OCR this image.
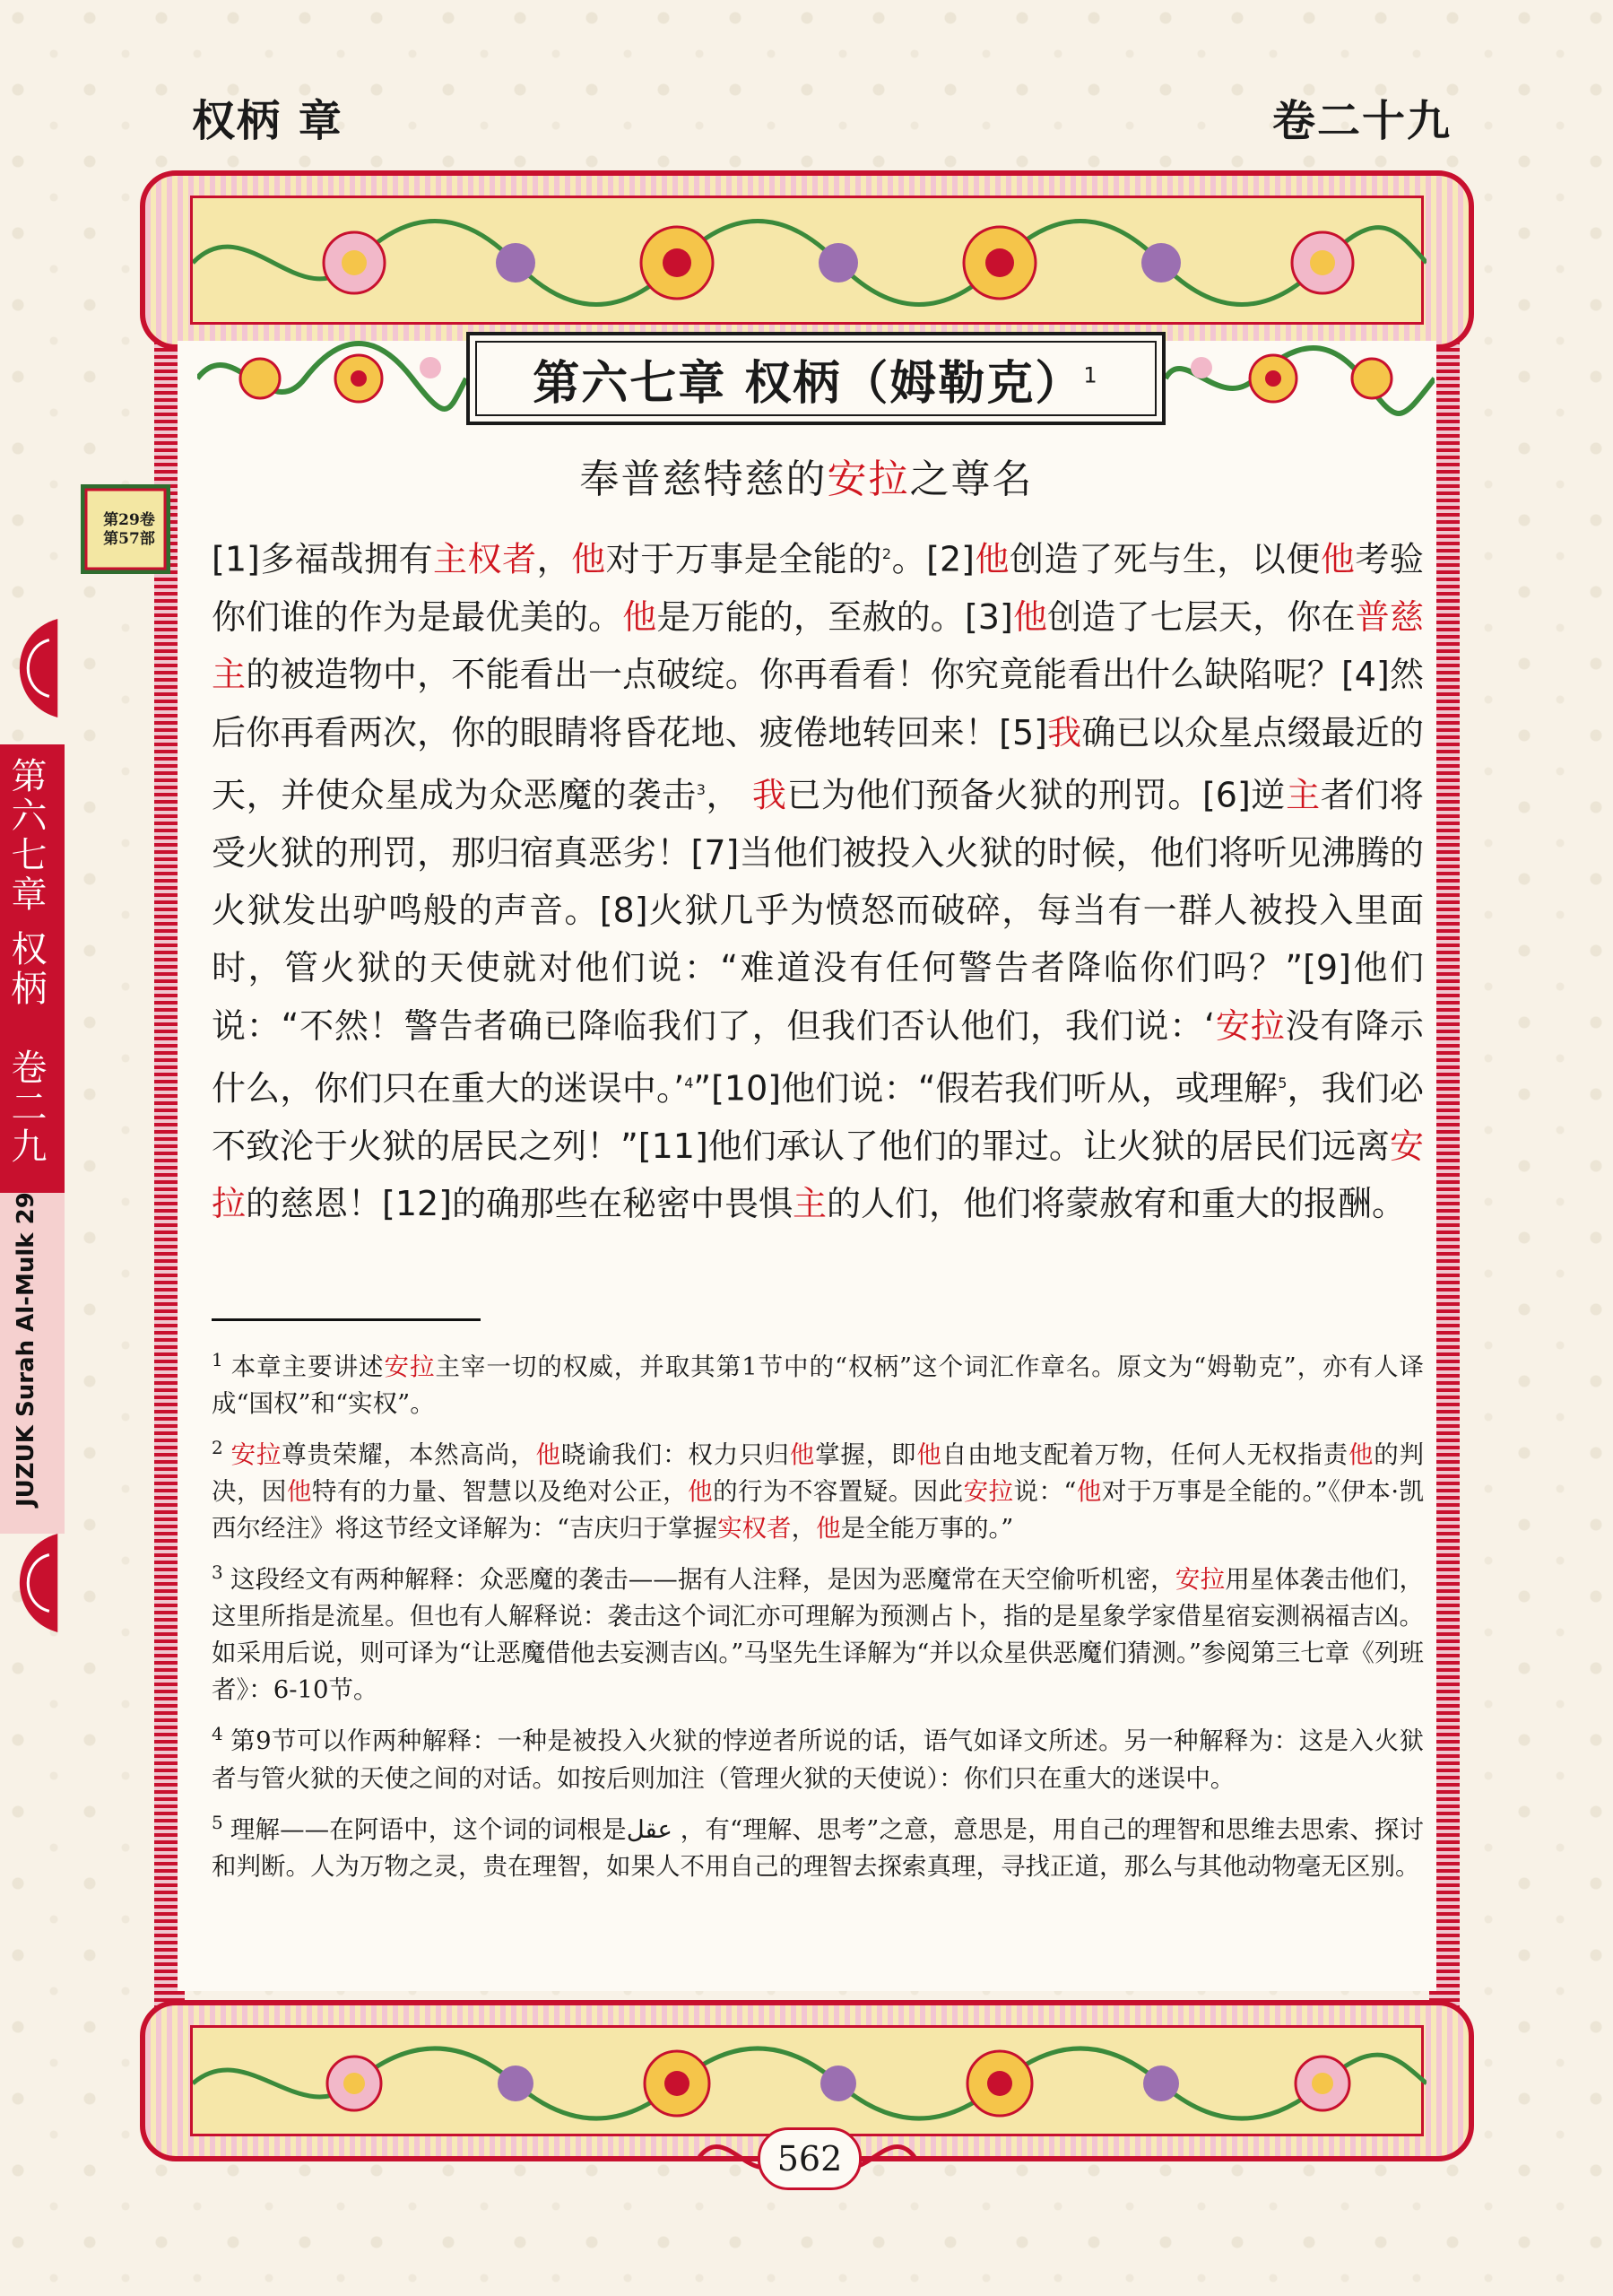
权柄 章	卷二十九
第六七章 权柄（姆勒克）$^1$
奉普慈特慈的安拉之尊名
第29卷
第57部
第六七章 权柄　卷二九
JUZUK Surah Al-Mulk 29
[1]多福哉拥有主权者，他对于万事是全能的$^2$。[2]他创造了死与生，以便他考验你们谁的作为是最优美的。他是万能的，至赦的。[3]他创造了七层天，你在普慈主的被造物中，不能看出一点破绽。你再看看！你究竟能看出什么缺陷呢？[4]然后你再看两次，你的眼睛将昏花地、疲倦地转回来！[5]我确已以众星点缀最近的天，并使众星成为众恶魔的袭击$^3$， 我已为他们预备火狱的刑罚。[6]逆主者们将受火狱的刑罚，那归宿真恶劣！[7]当他们被投入火狱的时候，他们将听见沸腾的火狱发出驴鸣般的声音。[8]火狱几乎为愤怒而破碎，每当有一群人被投入里面时，管火狱的天使就对他们说：“难道没有任何警告者降临你们吗？”[9]他们说：“不然！警告者确已降临我们了，但我们否认他们，我们说：‘安拉没有降示什么，你们只在重大的迷误中。’$^4$”[10]他们说：“假若我们听从，或理解$^5$，我们必不致沦于火狱的居民之列！”[11]他们承认了他们的罪过。让火狱的居民们远离安拉的慈恩！[12]的确那些在秘密中畏惧主的人们，他们将蒙赦宥和重大的报酬。
$^1$ 本章主要讲述安拉主宰一切的权威，并取其第1节中的“权柄”这个词汇作章名。原文为“姆勒克”，亦有人译成“国权”和“实权”。
$^2$ 安拉尊贵荣耀，本然高尚，他晓谕我们：权力只归他掌握，即他自由地支配着万物，任何人无权指责他的判决，因他特有的力量、智慧以及绝对公正，他的行为不容置疑。因此安拉说：“他对于万事是全能的。”《伊本·凯西尔经注》将这节经文译解为：“吉庆归于掌握实权者，他是全能万事的。”
$^3$ 这段经文有两种解释：众恶魔的袭击——据有人注释，是因为恶魔常在天空偷听机密，安拉用星体袭击他们，这里所指是流星。但也有人解释说：袭击这个词汇亦可理解为预测占卜，指的是星象学家借星宿妄测祸福吉凶。如采用后说，则可译为“让恶魔借他去妄测吉凶。”马坚先生译解为“并以众星供恶魔们猜测。”参阅第三七章《列班者》：6-10节。
$^4$ 第9节可以作两种解释：一种是被投入火狱的悖逆者所说的话，语气如译文所述。另一种解释为：这是入火狱者与管火狱的天使之间的对话。如按后则加注（管理火狱的天使说）：你们只在重大的迷误中。
$^5$ 理解——在阿语中，这个词的词根是عقل ，有“理解、思考”之意，意思是，用自己的理智和思维去思索、探讨和判断。人为万物之灵，贵在理智，如果人不用自己的理智去探索真理，寻找正道，那么与其他动物毫无区别。
562
